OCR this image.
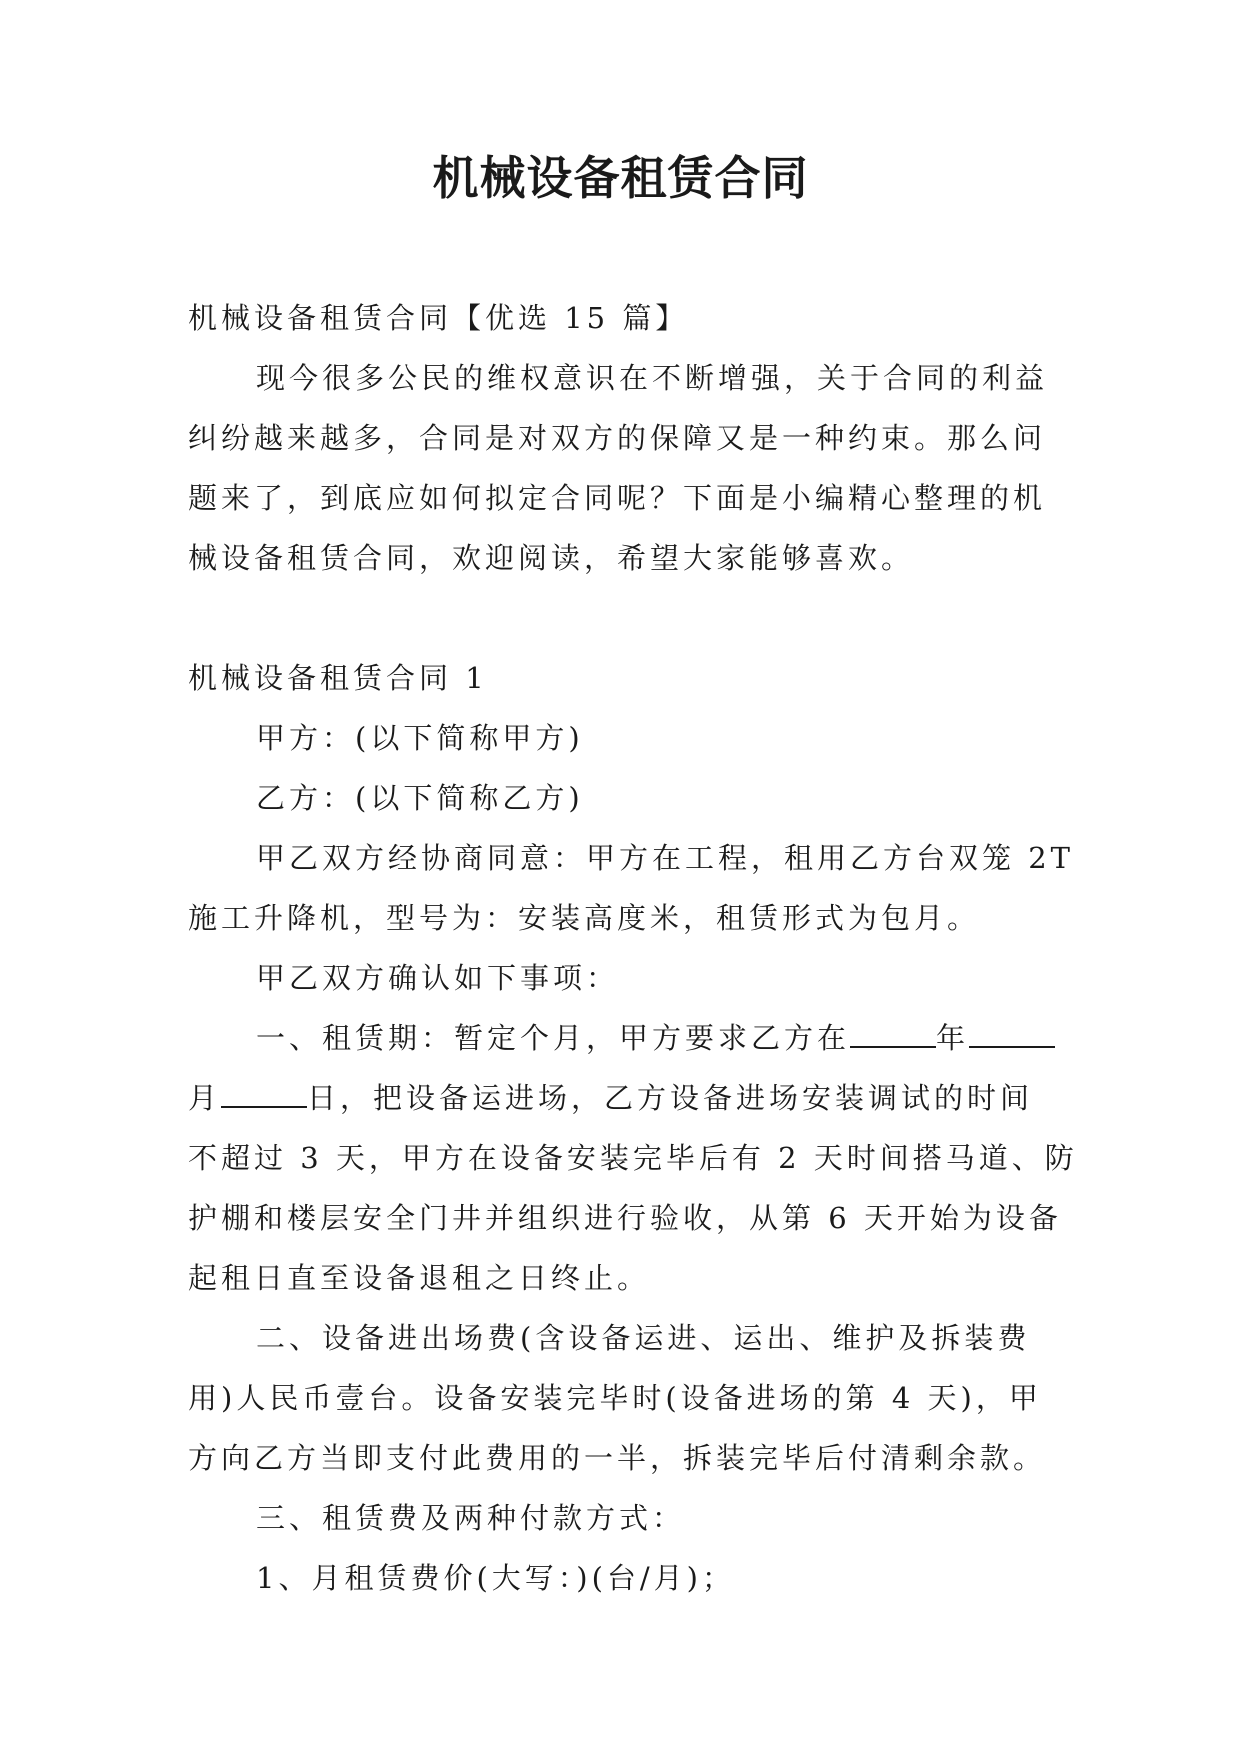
机械设备租赁合同

机械设备租赁合同【优选 15 篇】

现今很多公民的维权意识在不断增强，关于合同的利益

纠纷越来越多，合同是对双方的保障又是一种约束。那么问

题来了，到底应如何拟定合同呢？下面是小编精心整理的机

械设备租赁合同，欢迎阅读，希望大家能够喜欢。

机械设备租赁合同 1

甲方：(以下简称甲方)

乙方：(以下简称乙方)

甲乙双方经协商同意：甲方在工程，租用乙方台双笼 2T

施工升降机，型号为：安装高度米，租赁形式为包月。

甲乙双方确认如下事项：

一、租赁期：暂定个月，甲方要求乙方在	年

月	日，把设备运进场，乙方设备进场安装调试的时间

不超过 3 天，甲方在设备安装完毕后有 2 天时间搭马道、防

护棚和楼层安全门井并组织进行验收，从第 6 天开始为设备

起租日直至设备退租之日终止。

二、设备进出场费(含设备运进、运出、维护及拆装费

用)人民币壹台。设备安装完毕时(设备进场的第 4 天)，甲

方向乙方当即支付此费用的一半，拆装完毕后付清剩余款。

三、租赁费及两种付款方式：

1、月租赁费价(大写：)(台/月)；
